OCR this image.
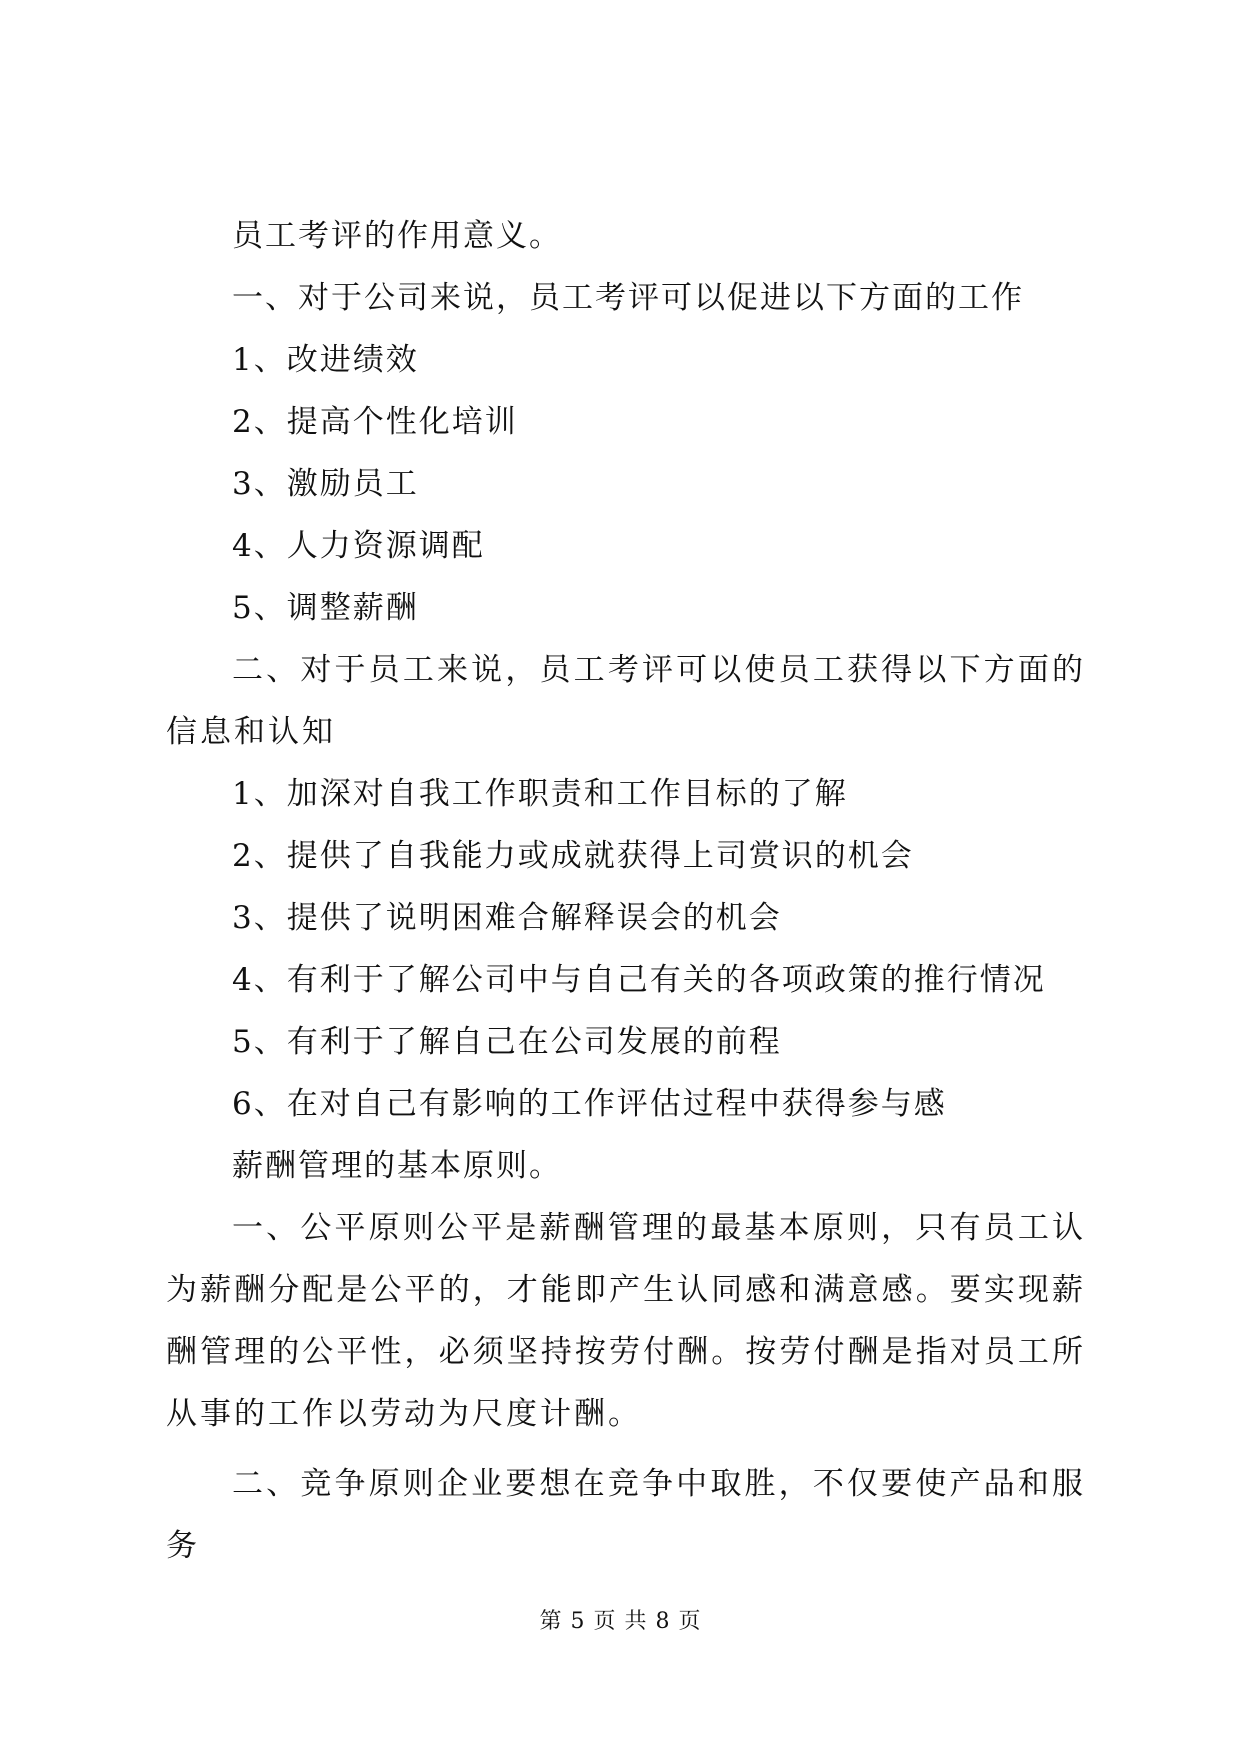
员工考评的作用意义。
一、对于公司来说，员工考评可以促进以下方面的工作
1、改进绩效
2、提高个性化培训
3、激励员工
4、人力资源调配
5、调整薪酬
二、对于员工来说，员工考评可以使员工获得以下方面的信息和认知
1、加深对自我工作职责和工作目标的了解
2、提供了自我能力或成就获得上司赏识的机会
3、提供了说明困难合解释误会的机会
4、有利于了解公司中与自己有关的各项政策的推行情况
5、有利于了解自己在公司发展的前程
6、在对自己有影响的工作评估过程中获得参与感
薪酬管理的基本原则。
一、公平原则公平是薪酬管理的最基本原则，只有员工认为薪酬分配是公平的，才能即产生认同感和满意感。要实现薪酬管理的公平性，必须坚持按劳付酬。按劳付酬是指对员工所从事的工作以劳动为尺度计酬。
二、竞争原则企业要想在竞争中取胜，不仅要使产品和服务
第 5 页 共 8 页
